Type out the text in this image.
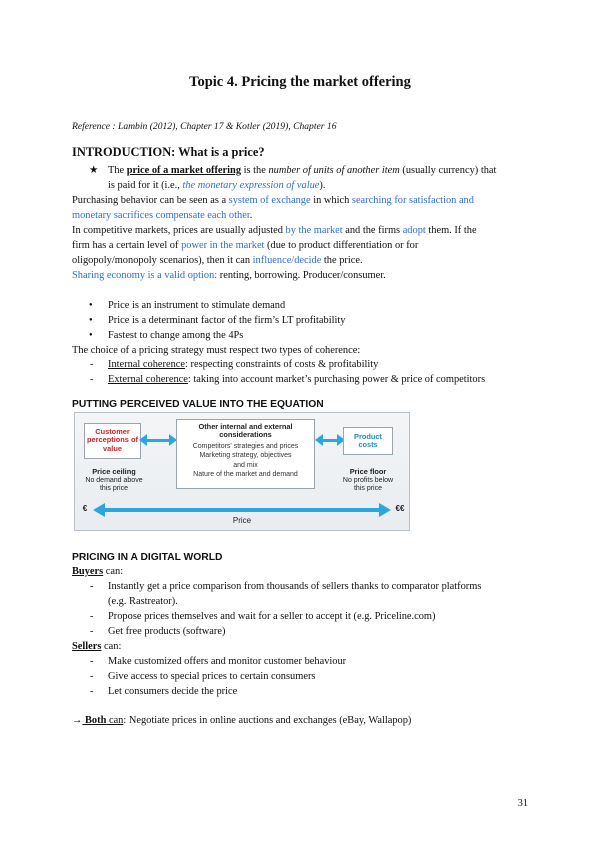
Topic 4. Pricing the market offering
Reference : Lambin (2012), Chapter 17 & Kotler (2019), Chapter 16
INTRODUCTION: What is a price?
★ The price of a market offering is the number of units of another item (usually currency) that
is paid for it (i.e., the monetary expression of value).
Purchasing behavior can be seen as a system of exchange in which searching for satisfaction and
monetary sacrifices compensate each other.
In competitive markets, prices are usually adjusted by the market and the firms adopt them. If the
firm has a certain level of power in the market (due to product differentiation or for
oligopoly/monopoly scenarios), then it can influence/decide the price.
Sharing economy is a valid option: renting, borrowing. Producer/consumer.
●	Price is an instrument to stimulate demand
●	Price is a determinant factor of the firm’s LT profitability
●	Fastest to change among the 4Ps
The choice of a pricing strategy must respect two types of coherence:
-	Internal coherence: respecting constraints of costs & profitability
-	External coherence: taking into account market’s purchasing power & price of competitors
PUTTING PERCEIVED VALUE INTO THE EQUATION
Customer perceptions of value
Other internal and external considerations
Competitors' strategies and prices
Marketing strategy, objectives
and mix
Nature of the market and demand
Product costs
Price ceiling
No demand above
this price
Price floor
No profits below
this price
€	€€
Price
PRICING IN A DIGITAL WORLD
Buyers can:
-	Instantly get a price comparison from thousands of sellers thanks to comparator platforms
(e.g. Rastreator).
-	Propose prices themselves and wait for a seller to accept it (e.g. Priceline.com)
-	Get free products (software)
Sellers can:
-	Make customized offers and monitor customer behaviour
-	Give access to special prices to certain consumers
-	Let consumers decide the price
→ Both can: Negotiate prices in online auctions and exchanges (eBay, Wallapop)
31
